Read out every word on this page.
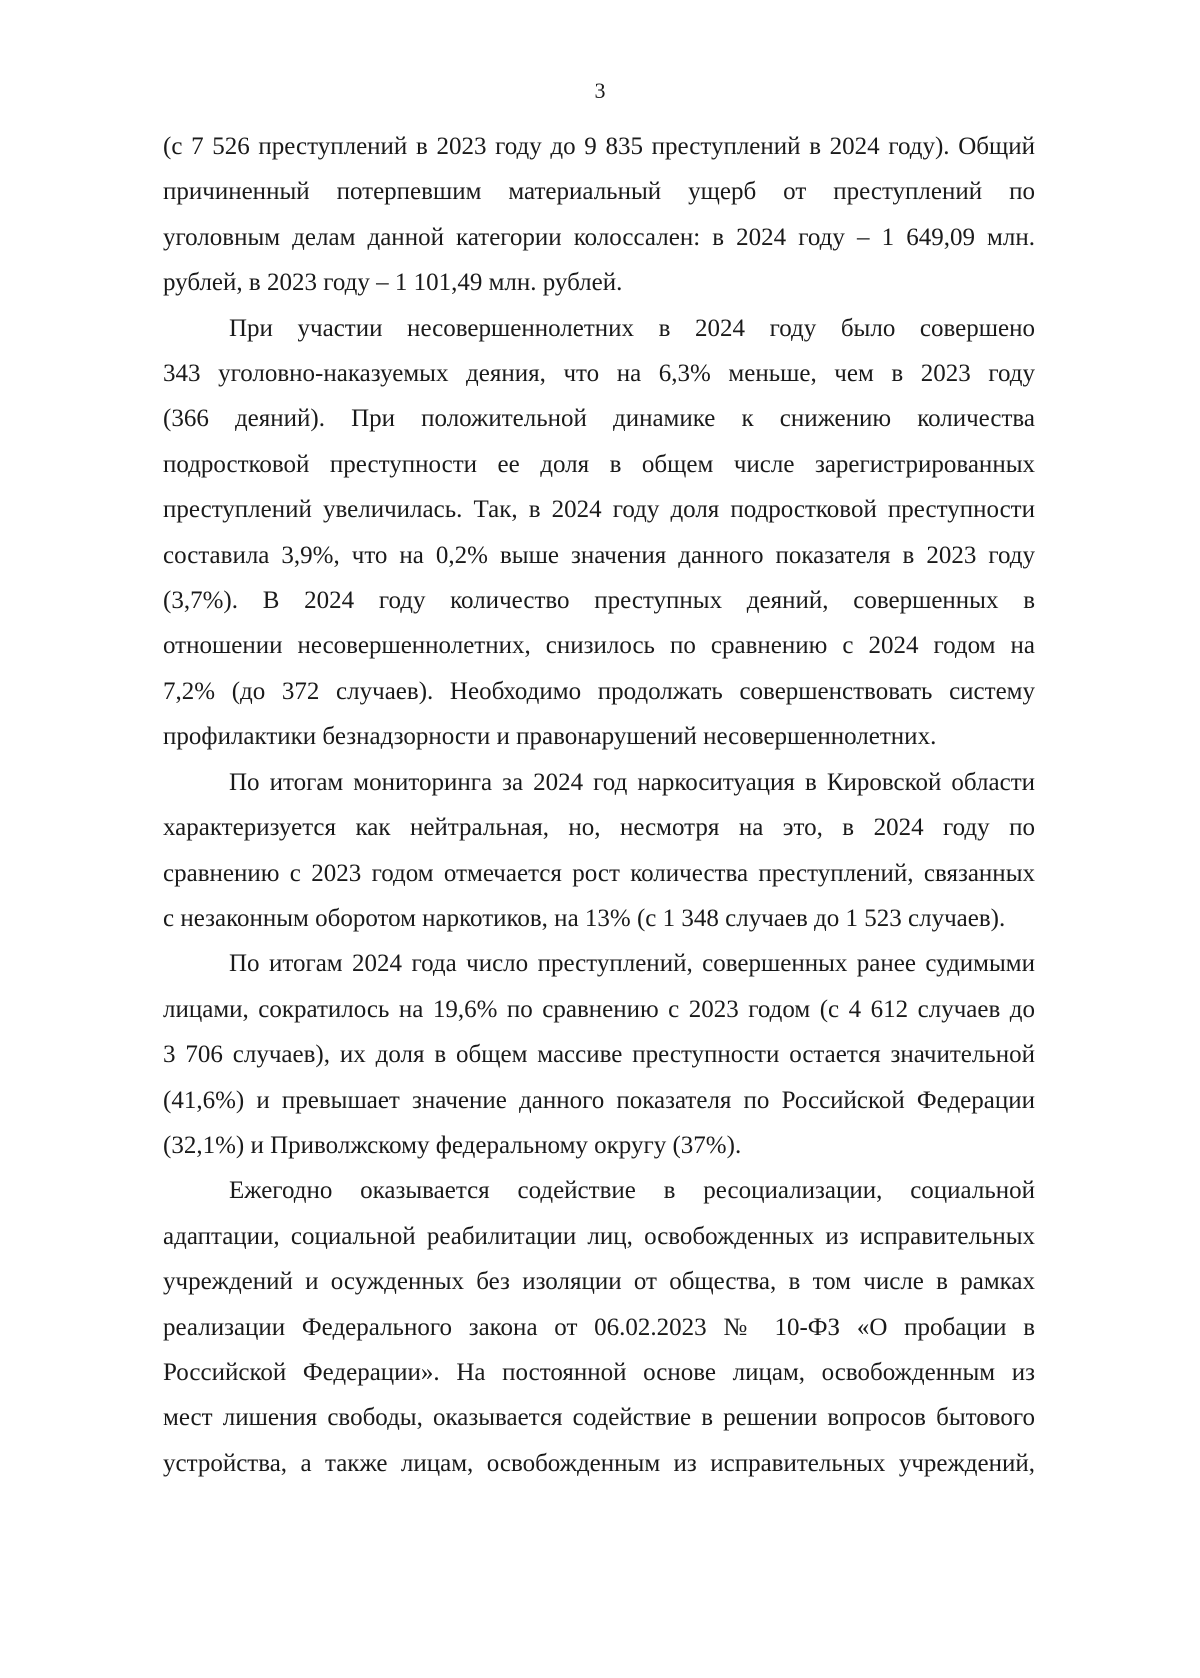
3
(с 7 526 преступлений в 2023 году до 9 835 преступлений в 2024 году). Общий
причиненный потерпевшим материальный ущерб от преступлений по
уголовным делам данной категории колоссален: в 2024 году – 1 649,09 млн.
рублей, в 2023 году – 1 101,49 млн. рублей.
При участии несовершеннолетних в 2024 году было совершено
343 уголовно-наказуемых деяния, что на 6,3% меньше, чем в 2023 году
(366 деяний). При положительной динамике к снижению количества
подростковой преступности ее доля в общем числе зарегистрированных
преступлений увеличилась. Так, в 2024 году доля подростковой преступности
составила 3,9%, что на 0,2% выше значения данного показателя в 2023 году
(3,7%). В 2024 году количество преступных деяний, совершенных в
отношении несовершеннолетних, снизилось по сравнению с 2024 годом на
7,2% (до 372 случаев). Необходимо продолжать совершенствовать систему
профилактики безнадзорности и правонарушений несовершеннолетних.
По итогам мониторинга за 2024 год наркоситуация в Кировской области
характеризуется как нейтральная, но, несмотря на это, в 2024 году по
сравнению с 2023 годом отмечается рост количества преступлений, связанных
с незаконным оборотом наркотиков, на 13% (с 1 348 случаев до 1 523 случаев).
По итогам 2024 года число преступлений, совершенных ранее судимыми
лицами, сократилось на 19,6% по сравнению с 2023 годом (с 4 612 случаев до
3 706 случаев), их доля в общем массиве преступности остается значительной
(41,6%) и превышает значение данного показателя по Российской Федерации
(32,1%) и Приволжскому федеральному округу (37%).
Ежегодно оказывается содействие в ресоциализации, социальной
адаптации, социальной реабилитации лиц, освобожденных из исправительных
учреждений и осужденных без изоляции от общества, в том числе в рамках
реализации Федерального закона от 06.02.2023 № 10-ФЗ «О пробации в
Российской Федерации». На постоянной основе лицам, освобожденным из
мест лишения свободы, оказывается содействие в решении вопросов бытового
устройства, а также лицам, освобожденным из исправительных учреждений,
